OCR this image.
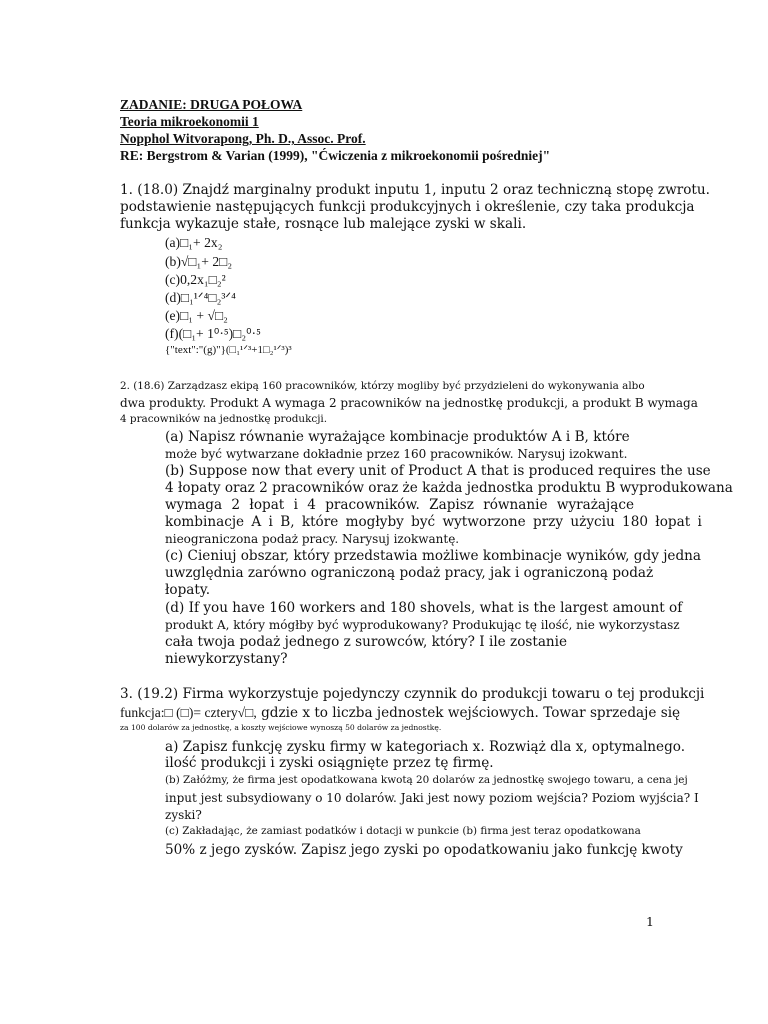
ZADANIE: DRUGA POŁOWA
Teoria mikroekonomii 1
Nopphol Witvorapong, Ph. D., Assoc. Prof.
RE: Bergstrom & Varian (1999), "Ćwiczenia z mikroekonomii pośredniej"
1. (18.0) Znajdź marginalny produkt inputu 1, inputu 2 oraz techniczną stopę zwrotu.
podstawienie następujących funkcji produkcyjnych i określenie, czy taka produkcja
funkcja wykazuje stałe, rosnące lub malejące zyski w skali.
(a)□₁+ 2x₂
(b)√□₁+ 2□₂
(c)0,2x₁□₂²
(d)□₁¹ᐟ⁴□₂³ᐟ⁴
(e)□₁ + √□₂
(f)(□₁+ 1⁰·⁵)□₂⁰·⁵
{"text":"(g)"}(□₁¹ᐟ³+1□₂¹ᐟ³)³
2. (18.6) Zarządzasz ekipą 160 pracowników, którzy mogliby być przydzieleni do wykonywania albo
dwa produkty. Produkt A wymaga 2 pracowników na jednostkę produkcji, a produkt B wymaga
4 pracowników na jednostkę produkcji.
(a) Napisz równanie wyrażające kombinacje produktów A i B, które
może być wytwarzane dokładnie przez 160 pracowników. Narysuj izokwant.
(b) Suppose now that every unit of Product A that is produced requires the use
4 łopaty oraz 2 pracowników oraz że każda jednostka produktu B wyprodukowana
wymaga 2 łopat i 4 pracowników. Zapisz równanie wyrażające
kombinacje A i B, które mogłyby być wytworzone przy użyciu 180 łopat i
nieograniczona podaż pracy. Narysuj izokwantę.
(c) Cieniuj obszar, który przedstawia możliwe kombinacje wyników, gdy jedna
uwzględnia zarówno ograniczoną podaż pracy, jak i ograniczoną podaż
łopaty.
(d) If you have 160 workers and 180 shovels, what is the largest amount of
produkt A, który mógłby być wyprodukowany? Produkując tę ilość, nie wykorzystasz
cała twoja podaż jednego z surowców, który? I ile zostanie
niewykorzystany?
3. (19.2) Firma wykorzystuje pojedynczy czynnik do produkcji towaru o tej produkcji
funkcja:□ (□)= cztery√□, gdzie x to liczba jednostek wejściowych. Towar sprzedaje się
za 100 dolarów za jednostkę, a koszty wejściowe wynoszą 50 dolarów za jednostkę.
a) Zapisz funkcję zysku firmy w kategoriach x. Rozwiąż dla x, optymalnego.
ilość produkcji i zyski osiągnięte przez tę firmę.
(b) Załóżmy, że firma jest opodatkowana kwotą 20 dolarów za jednostkę swojego towaru, a cena jej
input jest subsydiowany o 10 dolarów. Jaki jest nowy poziom wejścia? Poziom wyjścia? I
zyski?
(c) Zakładając, że zamiast podatków i dotacji w punkcie (b) firma jest teraz opodatkowana
50% z jego zysków. Zapisz jego zyski po opodatkowaniu jako funkcję kwoty
1
